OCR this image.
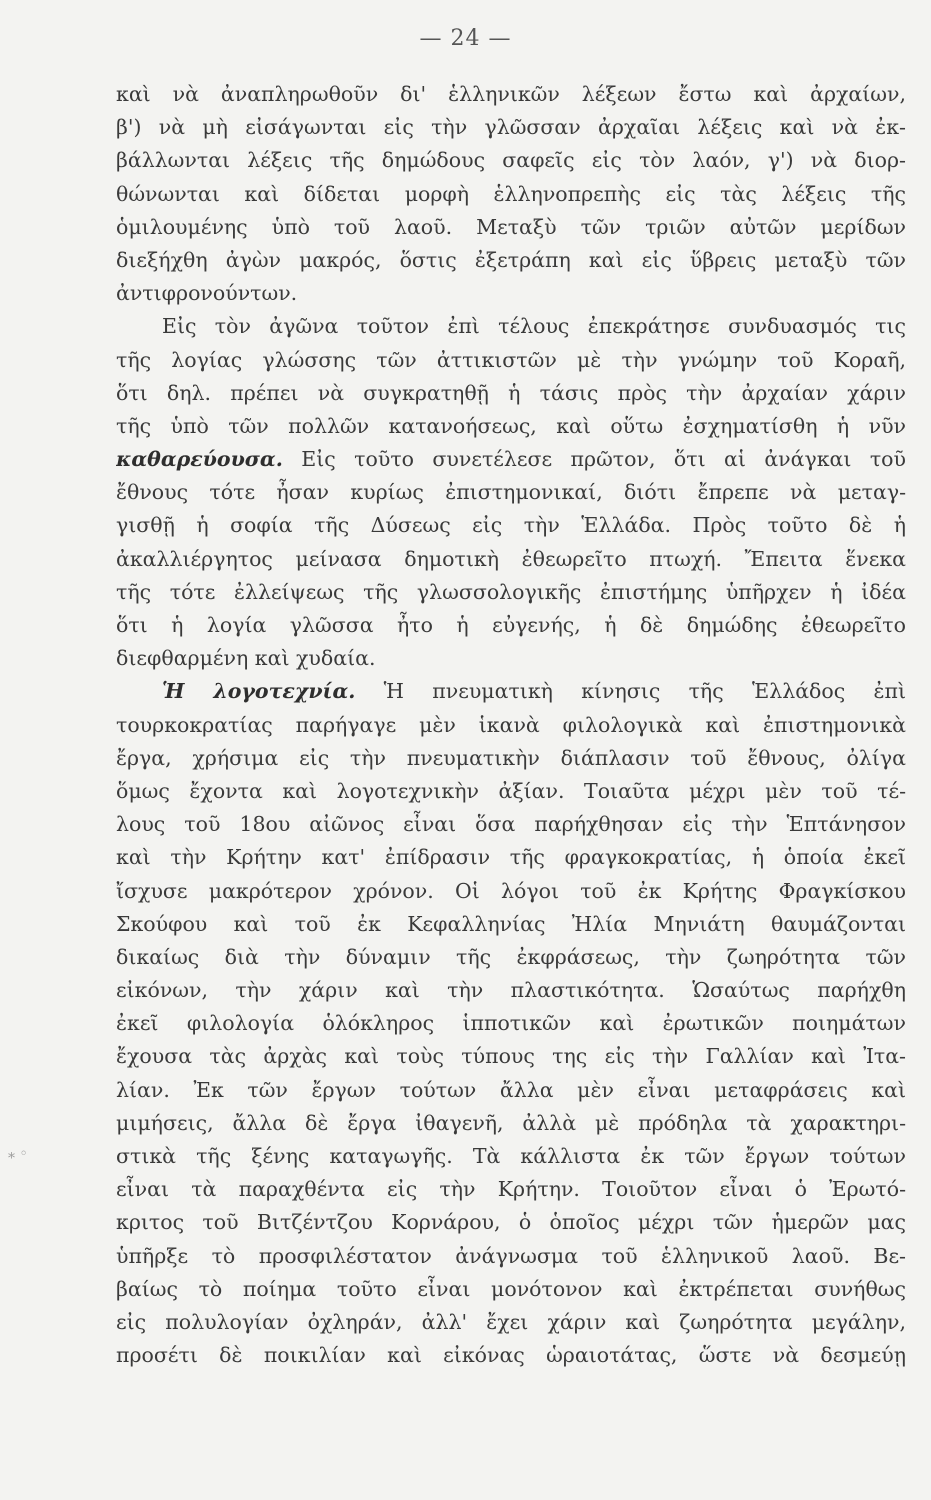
— 24 —
⁎ ◦
καὶ νὰ ἀναπληρωθοῦν δι' ἑλληνικῶν λέξεων ἔστω καὶ ἀρχαίων,
β') νὰ μὴ εἰσάγωνται εἰς τὴν γλῶσσαν ἀρχαῖαι λέξεις καὶ νὰ ἐκ-
βάλλωνται λέξεις τῆς δημώδους σαφεῖς εἰς τὸν λαόν, γ') νὰ διορ-
θώνωνται καὶ δίδεται μορφὴ ἑλληνοπρεπὴς εἰς τὰς λέξεις τῆς
ὁμιλουμένης ὑπὸ τοῦ λαοῦ. Μεταξὺ τῶν τριῶν αὐτῶν μερίδων
διεξήχθη ἀγὼν μακρός, ὅστις ἐξετράπη καὶ εἰς ὕβρεις μεταξὺ τῶν
ἀντιφρονούντων.
Εἰς τὸν ἀγῶνα τοῦτον ἐπὶ τέλους ἐπεκράτησε συνδυασμός τις
τῆς λογίας γλώσσης τῶν ἀττικιστῶν μὲ τὴν γνώμην τοῦ Κοραῆ,
ὅτι δηλ. πρέπει νὰ συγκρατηθῇ ἡ τάσις πρὸς τὴν ἀρχαίαν χάριν
τῆς ὑπὸ τῶν πολλῶν κατανοήσεως, καὶ οὕτω ἐσχηματίσθη ἡ νῦν
καθαρεύουσα. Εἰς τοῦτο συνετέλεσε πρῶτον, ὅτι αἱ ἀνάγκαι τοῦ
ἔθνους τότε ἦσαν κυρίως ἐπιστημονικαί, διότι ἔπρεπε νὰ μεταγ-
γισθῇ ἡ σοφία τῆς Δύσεως εἰς τὴν Ἑλλάδα. Πρὸς τοῦτο δὲ ἡ
ἀκαλλιέργητος μείνασα δημοτικὴ ἐθεωρεῖτο πτωχή. Ἔπειτα ἕνεκα
τῆς τότε ἐλλείψεως τῆς γλωσσολογικῆς ἐπιστήμης ὑπῆρχεν ἡ ἰδέα
ὅτι ἡ λογία γλῶσσα ἦτο ἡ εὐγενής, ἡ δὲ δημώδης ἐθεωρεῖτο
διεφθαρμένη καὶ χυδαία.
Ἡ λογοτεχνία. Ἡ πνευματικὴ κίνησις τῆς Ἑλλάδος ἐπὶ
τουρκοκρατίας παρήγαγε μὲν ἱκανὰ φιλολογικὰ καὶ ἐπιστημονικὰ
ἔργα, χρήσιμα εἰς τὴν πνευματικὴν διάπλασιν τοῦ ἔθνους, ὀλίγα
ὅμως ἔχοντα καὶ λογοτεχνικὴν ἀξίαν. Τοιαῦτα μέχρι μὲν τοῦ τέ-
λους τοῦ 18ου αἰῶνος εἶναι ὅσα παρήχθησαν εἰς τὴν Ἑπτάνησον
καὶ τὴν Κρήτην κατ' ἐπίδρασιν τῆς φραγκοκρατίας, ἡ ὁποία ἐκεῖ
ἴσχυσε μακρότερον χρόνον. Οἱ λόγοι τοῦ ἐκ Κρήτης Φραγκίσκου
Σκούφου καὶ τοῦ ἐκ Κεφαλληνίας Ἠλία Μηνιάτη θαυμάζονται
δικαίως διὰ τὴν δύναμιν τῆς ἐκφράσεως, τὴν ζωηρότητα τῶν
εἰκόνων, τὴν χάριν καὶ τὴν πλαστικότητα. Ὡσαύτως παρήχθη
ἐκεῖ φιλολογία ὁλόκληρος ἱπποτικῶν καὶ ἐρωτικῶν ποιημάτων
ἔχουσα τὰς ἀρχὰς καὶ τοὺς τύπους της εἰς τὴν Γαλλίαν καὶ Ἰτα-
λίαν. Ἐκ τῶν ἔργων τούτων ἄλλα μὲν εἶναι μεταφράσεις καὶ
μιμήσεις, ἄλλα δὲ ἔργα ἰθαγενῆ, ἀλλὰ μὲ πρόδηλα τὰ χαρακτηρι-
στικὰ τῆς ξένης καταγωγῆς. Τὰ κάλλιστα ἐκ τῶν ἔργων τούτων
εἶναι τὰ παραχθέντα εἰς τὴν Κρήτην. Τοιοῦτον εἶναι ὁ Ἐρωτό-
κριτος τοῦ Βιτζέντζου Κορνάρου, ὁ ὁποῖος μέχρι τῶν ἡμερῶν μας
ὑπῆρξε τὸ προσφιλέστατον ἀνάγνωσμα τοῦ ἑλληνικοῦ λαοῦ. Βε-
βαίως τὸ ποίημα τοῦτο εἶναι μονότονον καὶ ἐκτρέπεται συνήθως
εἰς πολυλογίαν ὀχληράν, ἀλλ' ἔχει χάριν καὶ ζωηρότητα μεγάλην,
προσέτι δὲ ποικιλίαν καὶ εἰκόνας ὡραιοτάτας, ὥστε νὰ δεσμεύῃ
